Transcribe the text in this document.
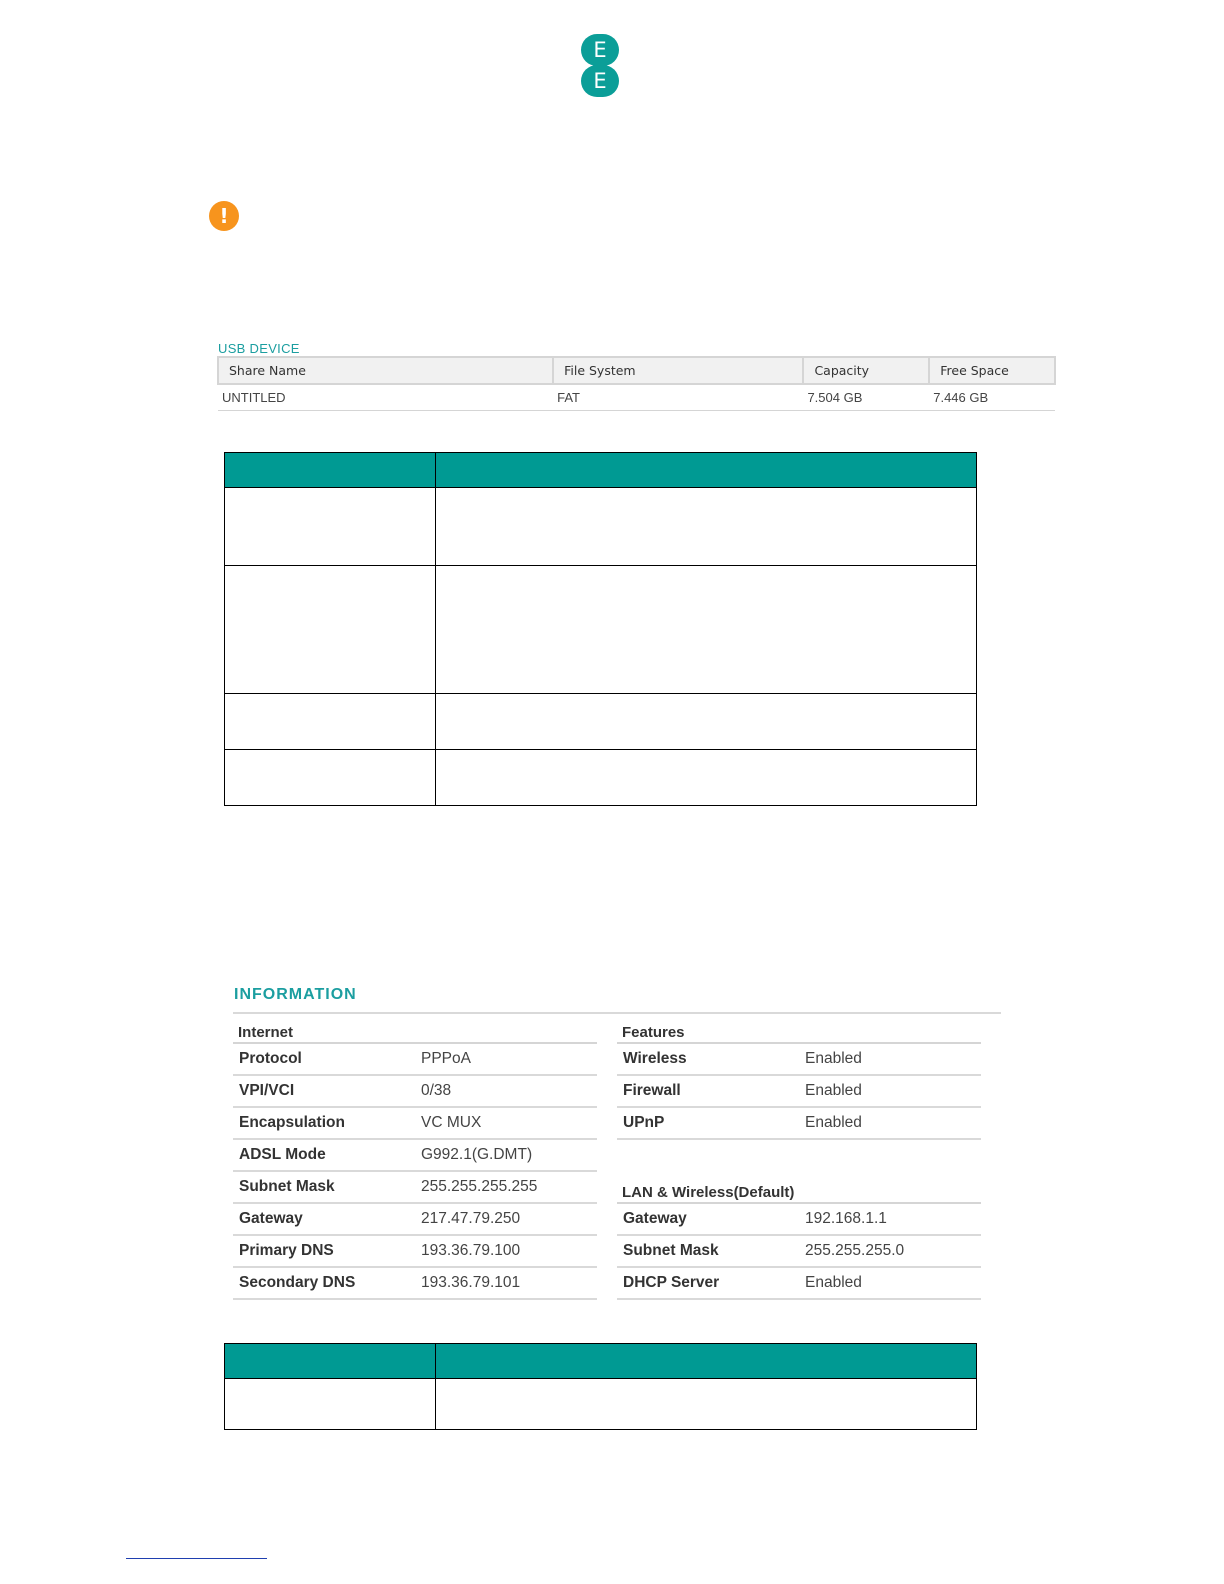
E
E
!
USB DEVICE
Share Name	File System	Capacity	Free Space
UNTITLED	FAT	7.504 GB	7.446 GB

INFORMATION
Internet
Protocol	PPPoA
VPI/VCI	0/38
Encapsulation	VC MUX
ADSL Mode	G992.1(G.DMT)
Subnet Mask	255.255.255.255
Gateway	217.47.79.250
Primary DNS	193.36.79.100
Secondary DNS	193.36.79.101
Features
Wireless	Enabled
Firewall	Enabled
UPnP	Enabled
LAN & Wireless(Default)
Gateway	192.168.1.1
Subnet Mask	255.255.255.0
DHCP Server	Enabled
